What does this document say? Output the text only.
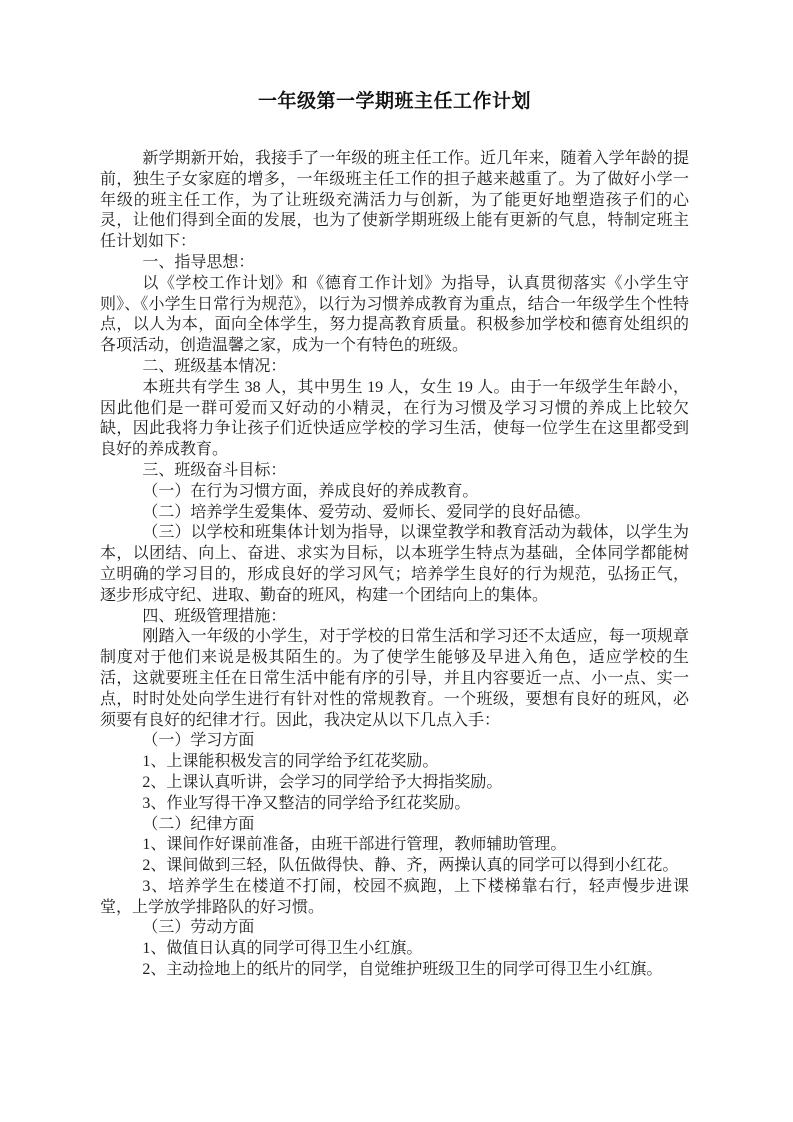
一年级第一学期班主任工作计划

新学期新开始，我接手了一年级的班主任工作。近几年来，随着入学年龄的提前，独生子女家庭的增多，一年级班主任工作的担子越来越重了。为了做好小学一年级的班主任工作，为了让班级充满活力与创新，为了能更好地塑造孩子们的心灵，让他们得到全面的发展，也为了使新学期班级上能有更新的气息，特制定班主任计划如下：

一、指导思想：

以《学校工作计划》和《德育工作计划》为指导，认真贯彻落实《小学生守则》、《小学生日常行为规范》，以行为习惯养成教育为重点，结合一年级学生个性特点，以人为本，面向全体学生，努力提高教育质量。积极参加学校和德育处组织的各项活动，创造温馨之家，成为一个有特色的班级。

二、班级基本情况：

本班共有学生 38 人，其中男生 19 人，女生 19 人。由于一年级学生年龄小，因此他们是一群可爱而又好动的小精灵，在行为习惯及学习习惯的养成上比较欠缺，因此我将力争让孩子们近快适应学校的学习生活，使每一位学生在这里都受到良好的养成教育。

三、班级奋斗目标：

（一）在行为习惯方面，养成良好的养成教育。

（二）培养学生爱集体、爱劳动、爱师长、爱同学的良好品德。

（三）以学校和班集体计划为指导，以课堂教学和教育活动为载体，以学生为本，以团结、向上、奋进、求实为目标，以本班学生特点为基础，全体同学都能树立明确的学习目的，形成良好的学习风气；培养学生良好的行为规范，弘扬正气，逐步形成守纪、进取、勤奋的班风，构建一个团结向上的集体。

四、班级管理措施：

刚踏入一年级的小学生，对于学校的日常生活和学习还不太适应，每一项规章制度对于他们来说是极其陌生的。为了使学生能够及早进入角色，适应学校的生活，这就要班主任在日常生活中能有序的引导，并且内容要近一点、小一点、实一点，时时处处向学生进行有针对性的常规教育。一个班级，要想有良好的班风，必须要有良好的纪律才行。因此，我决定从以下几点入手：

（一）学习方面

1、上课能积极发言的同学给予红花奖励。

2、上课认真听讲，会学习的同学给予大拇指奖励。

3、作业写得干净又整洁的同学给予红花奖励。

（二）纪律方面

1、课间作好课前准备，由班干部进行管理，教师辅助管理。

2、课间做到三轻，队伍做得快、静、齐，两操认真的同学可以得到小红花。

3、培养学生在楼道不打闹，校园不疯跑，上下楼梯靠右行，轻声慢步进课堂，上学放学排路队的好习惯。

（三）劳动方面

1、做值日认真的同学可得卫生小红旗。

2、主动捡地上的纸片的同学，自觉维护班级卫生的同学可得卫生小红旗。
